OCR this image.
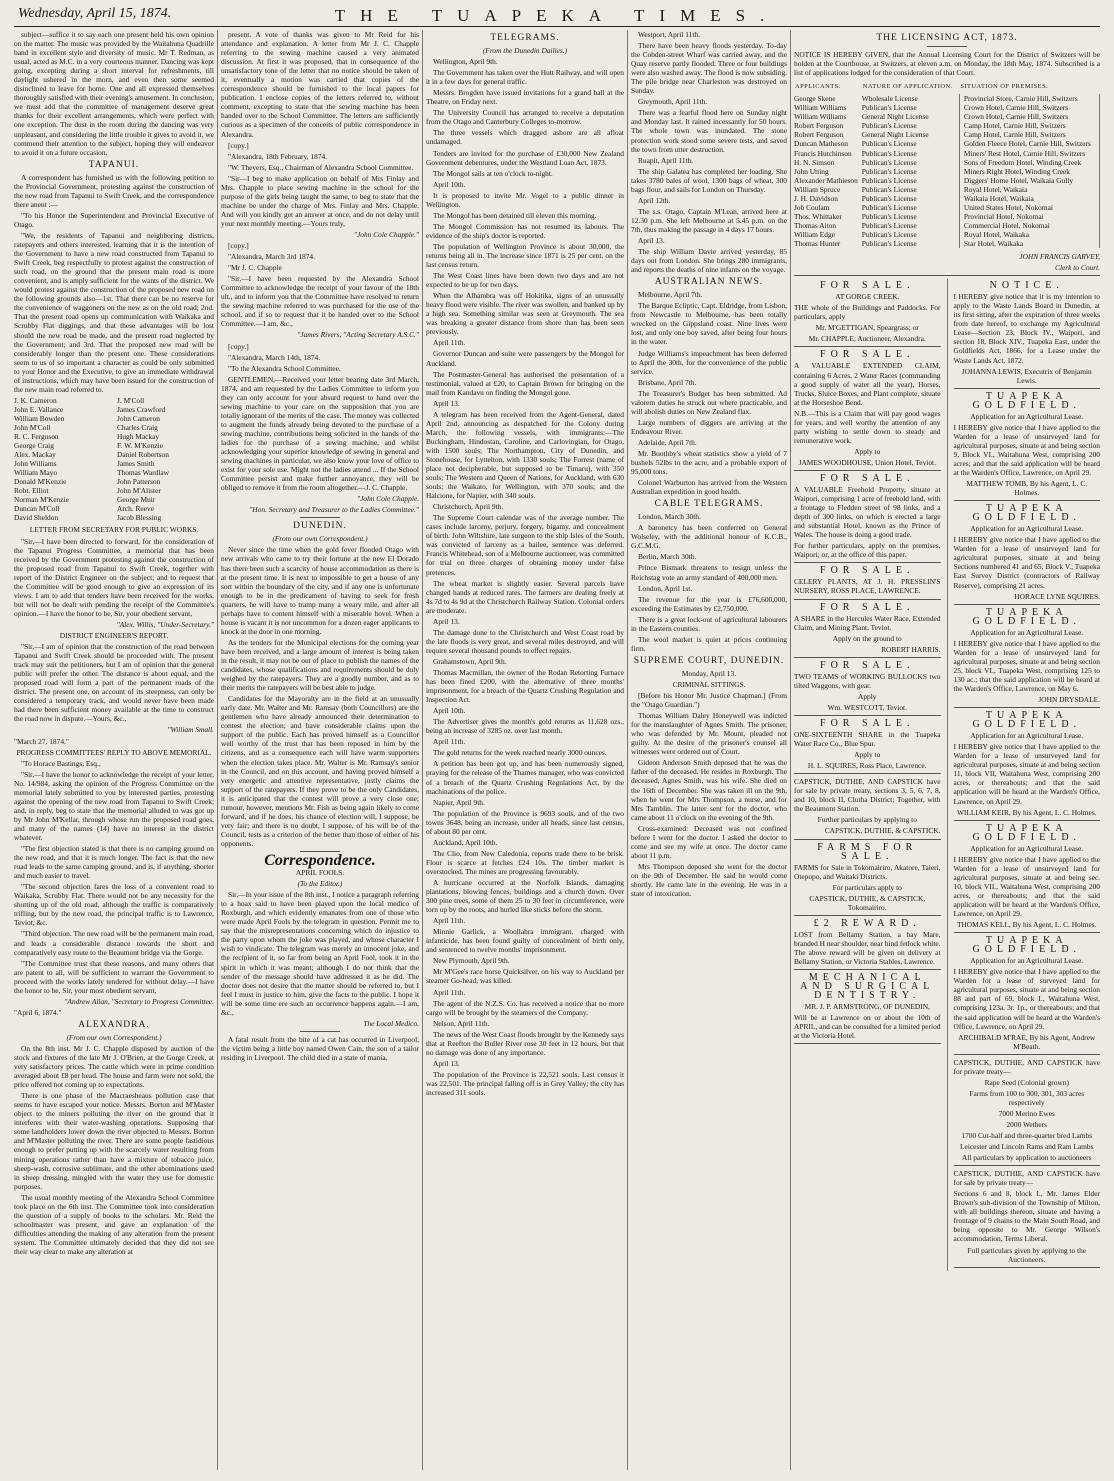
Wednesday, April 15, 1874.	THE TUAPEKA TIMES.

subject—suffice it to say each one present held his own opinion on the matter. The music was provided by the Waitahuna Quadrille band in excellent style and diversity of music. Mr T. Redman, as usual, acted as M.C. in a very courteous manner. Dancing was kept going, excepting during a short interval for refreshments, till daylight ushered in the morn, and even then some seemed disinclined to leave for home. One and all expressed themselves thoroughly satisfied with their evening's amusement. In conclusion, we must add that the committee of management deserve great thanks for their excellent arrangements, which were perfect with one exception. The dust in the room during the dancing was very unpleasant, and considering the little trouble it gives to avoid it, we commend their attention to the subject, hoping they will endeavor to avoid it on a future occasion.

TAPANUI.

A correspondent has furnished us with the following petition to the Provincial Government, protesting against the construction of the new road from Tapanui to Swift Creek, and the correspondence there anent :—

"To his Honor the Superintendent and Provincial Executive of Otago.

"We, the residents of Tapanui and neighboring districts, ratepayers and others interested, learning that it is the intention of the Government to have a new road constructed from Tapanui to Swift Creek, beg respectfully to protest against the construction of such road, on the ground that the present main road is more convenient, and is amply sufficient for the wants of the district. We would protest against the construction of the proposed new road on the following grounds also—1st. That there can be no reserve for the convenience of waggoners on the new as on the old road; 2nd. That the present road opens up communication with Waikaka and Scrubby Flat diggings, and that these advantages will be lost should the new road be made, and the present road neglected by the Government; and 3rd. That the proposed new road will be considerably longer than the present one. These considerations seem to us of so important a character as could be only submitted to your Honor and the Executive, to give an immediate withdrawal of instructions, which may have been issued for the construction of the new main road referred to.

J. K. Cameron	J. M'Coll
John E. Vallance	James Crawford
William Bowden	John Cameron
John M'Coll	Charles Craig
R. C. Ferguson	Hugh Mackay
George Craig	F. W. M'Kenzie
Alex. Mackay	Daniel Robertson
John Williams	James Smith
William Mayo	Thomas Wardlaw
Donald M'Kenzie	John Patterson
Robt. Elliot	John M'Alister
Norman M'Kenzie	George Muir
Duncan M'Coll	Arch. Reeve
David Sheldon	Jacob Blessing

LETTER FROM SECRETARY FOR PUBLIC WORKS.

"Sir,—I have been directed to forward, for the consideration of the Tapanui Progress Committee, a memorial that has been received by the Government protesting against the construction of the proposed road from Tapanui to Swift Creek, together with report of the District Engineer on the subject; and to request that the Committee will be good enough to give an expression of its views. I am to add that tenders have been received for the works, but will not be dealt with pending the receipt of the Committee's opinion.—I have the honor to be, Sir, your obedient servant,

"Alex. Willis, "Under-Secretary."

DISTRICT ENGINEER'S REPORT.

"Sir,—I am of opinion that the construction of the road between Tapanui and Swift Creek should be proceeded with. The present track may suit the petitioners, but I am of opinion that the general public will prefer the other. The distance is about equal, and the proposed road will form a part of the permanent roads of the district. The present one, on account of its steepness, can only be considered a temporary track, and would never have been made had there been sufficient money available at the time to construct the road now in dispute.—Yours, &c.,

"William Small.

"March 27, 1874."

PROGRESS COMMITTEES' REPLY TO ABOVE MEMORIAL.

"To Horace Bastings, Esq.,

"Sir,—I have the honor to acknowledge the receipt of your letter, No. 14/984, asking the opinion of the Progress Committee on the memorial lately submitted to you by interested parties, protesting against the opening of the new road from Tapanui to Swift Creek; and, in reply, beg to state that the memorial alluded to was got up by Mr John M'Kellar, through whose run the proposed road goes, and many of the names (14) have no interest in the district whatever.

"The first objection stated is that there is no camping ground on the new road, and that it is much longer. The fact is that the new road leads to the same camping ground, and is, if anything, shorter and much easier to travel.

"The second objection fares the loss of a convenient road to Waikaka, Scrubby Flat. There would not be any necessity for the shutting up of the old road, although the traffic is comparatively trifling, but by the new road, the principal traffic is to Lawrence, Teviot, &c.

"Third objection. The new road will be the permanent main road, and leads a considerable distance towards the short and comparatively easy route to the Beaumont bridge via the Gorge.

"The Committee trust that these reasons, and many others that are patent to all, will be sufficient to warrant the Government to proceed with the works lately tendered for without delay.—I have the honor to be, Sir, your most obedient servant,

"Andrew Allan, "Secretary to Progress Committee.

"April 6, 1874."

ALEXANDRA.

(From our own Correspondent.)

On the 8th inst. Mr J. C. Chapple disposed by auction of the stock and fixtures of the late Mr J. O'Brien, at the Gorge Creek, at very satisfactory prices. The cattle which were in prime condition averaged about £8 per head. The house and farm were not sold, the price offered not coming up to expectations.

There is one phase of the Macraesheaus pollution case that seems to have escaped your notice. Messrs. Borton and M'Master object to the miners polluting the river on the ground that it interferes with their water-washing operations. Supposing that some landholders lower down the river objected to Messrs. Borton and M'Master polluting the river. There are some people fastidious enough to prefer putting up with the scarcely water resulting from mining operations rather than have a mixture of tobacco juice, sheep-wash, corrosive sublimate, and the other abominations used in sheep dressing, mingled with the water they use for domestic purposes.

The usual monthly meeting of the Alexandra School Committee took place on the 6th inst. The Committee took into consideration the question of a supply of books to the scholars. Mr. Reid the schoolmaster was present, and gave an explanation of the difficulties attending the making of any alteration from the present system. The Committee ultimately decided that they did not see their way clear to make any alteration at

present. A vote of thanks was given to Mr Reid for his attendance and explanation. A letter from Mr J. C. Chapple referring to the sewing machine caused a very animated discussion. At first it was proposed, that in consequence of the unsatisfactory tone of the letter that no notice should be taken of it, eventually a motion was carried that copies of the correspondence should be furnished to the local papers for publication. I enclose copies of the letters referred to, without comment, excepting to state that the sewing machine has been handed over to the School Committee. The letters are sufficiently curious as a specimen of the conceits of public correspondence in Alexandra.

[copy.]

"Alexandra, 18th February, 1874.

"W. Theyers, Esq., Chairman of Alexandra School Committee.

"Sir—I beg to make application on behalf of Mrs Finlay and Mrs. Chapple to place sewing machine in the school for the purpose of the girls being taught the same, to beg to state that the machine be under the charge of Mrs. Finlay and Mrs. Chapple. And will you kindly get an answer at once, and do not delay until your next monthly meeting.—Yours truly,

"John Cole Chapple."

[copy.]

"Alexandra, March 3rd 1874.

"Mr J. C. Chapple

"Sir,—I have been requested by the Alexandra School Committee to acknowledge the receipt of your favour of the 18th ult., and to inform you that the Committee have resolved to return the sewing machine referred to was purchased for the use of the school, and if so to request that it be handed over to the School Committee.—I am, &c.,

"James Rivers, "Acting Secretary A.S.C."

[copy.]

"Alexandra, March 14th, 1874.

"To the Alexandra School Committee.

GENTLEMEN,—Received your letter bearing date 3rd March, 1874, and am requested by the Ladies Committee to inform you they can only account for your absurd request to hand over the sewing machine to your care on the supposition that you are totally ignorant of the merits of the case. The money was collected to augment the funds already being devoted to the purchase of a sewing machine, contributions being solicited in the hands of the ladies for the purchase of a sewing machine, and whilst acknowledging your superior knowledge of sewing in general and sewing machines in particular, we also know your love of office to exist for your sole use. Might not the ladies attend ... If the School Committee persist and make further annoyance, they will be obliged to remove it from the room altogether.—J. C. Chapple.

"John Cole Chapple.

"Hon. Secretary and Treasurer to the Ladies Committee."

DUNEDIN.

(From our own Correspondent.)

Never since the time when the gold fever flooded Otago with new arrivals who came to try their fortune at the new El Dorado has there been such a scarcity of house accommodation as there is at the present time. It is next to impossible to get a house of any sort within the boundary of the city, and if any one is unfortunate enough to be in the predicament of having to seek for fresh quarters, he will have to tramp many a weary mile, and after all perhaps have to content himself with a miserable hovel. When a house is vacant it is not uncommon for a dozen eager applicants to knock at the door in one morning.

As the tenders for the Municipal elections for the coming year have been received, and a large amount of interest is being taken in the result, it may not be out of place to publish the names of the candidates, whose qualifications and requirements should be duly weighed by the ratepayers. They are a goodly number, and as to their merits the ratepayers will be best able to judge.

Candidates for the Mayoralty are in the field at an unusually early date. Mr. Walter and Mr. Ramsay (both Councillors) are the gentlemen who have already announced their determination to contest the election; and have considerable claims upon the support of the public. Each has proved himself as a Councillor well worthy of the trust that has been reposed in him by the citizens, and as a consequence each will have warm supporters when the election takes place. Mr. Walter is Mr. Ramsay's senior in the Council, and on this account, and having proved himself a very energetic and attentive representative, justly claims the support of the ratepayers. If they prove to be the only Candidates, it is anticipated that the contest will prove a very close one; rumour, however, mentions Mr. Fish as being again likely to come forward, and if he does, his chance of election will, I suppose, be very fair; and there is no doubt, I suppose, of his will be of the Council, tests as a criterion of the better than those of either of his opponents.

Correspondence.

APRIL FOOLS.

(To the Editor.)

Sir,—In your issue of the 8th inst., I notice a paragraph referring to a hoax said to have been played upon the local medico of Roxburgh, and which evidently emanates from one of those who were made April Fools by the telegram in question. Permit me to say that the misrepresentations concerning which do injustice to the party upon whom the joke was played, and whose character I wish to vindicate. The telegram was merely an innocent joke, and the recipient of it, so far from being an April Fool, took it in the spirit in which it was meant; although I do not think that the sender of the message should have addressed it as he did. The doctor does not desire that the matter should be referred to, but I feel I must in justice to him, give the facts to the public. I hope it will be some time ere such an occurrence happens again.—I am, &c.,

The Local Medico.

A fatal result from the bite of a cat has occurred in Liverpool, the victim being a little boy named Owen Cain, the son of a tailor residing in Liverpool. The child died in a state of mania.

TELEGRAMS.

(From the Dunedin Dailies.)

Wellington, April 9th.

The Government has taken over the Hutt Railway, and will open it in a few days for general traffic.

Messrs. Brogden have issued invitations for a grand ball at the Theatre, on Friday next.

The University Council has arranged to receive a deputation from the Otago and Canterbury Colleges to-morrow.

The three vessels which dragged ashore are all afloat undamaged.

Tenders are invited for the purchase of £30,000 New Zealand Government debentures, under the Westland Loan Act, 1873.

The Mongol sails at ten o'clock to-night.

April 10th.

It is proposed to invite Mr. Vogel to a public dinner in Wellington.

The Mongol has been detained till eleven this morning.

The Mongol Commission has not resumed its labours. The evidence of the ship's doctor is reported.

The population of Wellington Province is about 30,000, the returns being all in. The increase since 1871 is 25 per cent. on the last census return.

The West Coast lines have been down two days and are not expected to be up for two days.

When the Alhambra was off Hokitika, signs of an unusually heavy flood were visible. The river was swollen, and banked up by a high sea. Something similar was seen at Greymouth. The sea was breaking a greater distance from shore than has been seen previously.

April 11th.

Governor Duncan and suite were passengers by the Mongol for Auckland.

The Postmaster-General has authorised the presentation of a testimonial, valued at £20, to Captain Brown for bringing on the mail from Kandavu on finding the Mongol gone.

April 13.

A telegram has been received from the Agent-General, dated April 2nd, announcing as despatched for the Colony during March, the following vessels, with immigrants:—The Buckingham, Hindostan, Caroline, and Carlovingian, for Otago, with 1500 souls; The Northampton, City of Dunedin, and Stonehouse, for Lyttelton, with 1330 souls; The Forrest (name of place not decipherable, but supposed to be Timaru), with 350 souls; The Western and Queen of Nations, for Auckland, with 630 souls; the Waikato, for Wellington, with 370 souls; and the Halcione, for Napier, with 340 souls.

Christchurch, April 9th.

The Supreme Court calendar was of the average number. The cases include larceny, perjury, forgery, bigamy, and concealment of birth. John Wiltshire, late surgeon to the ship Isles of the South, was convicted of larceny as a bailee, sentence was deferred. Francis Whitehead, son of a Melbourne auctioneer, was committed for trial on three charges of obtaining money under false pretences.

The wheat market is slightly easier. Several parcels have changed hands at reduced rates. The farmers are dealing freely at 4s 7d to 4s 9d at the Christchurch Railway Station. Colonial orders are moderate.

April 13.

The damage done to the Christchurch and West Coast road by the late floods is very great, and several miles destroyed, and will require several thousand pounds to effect repairs.

Grahamstown, April 9th.

Thomas Macmillan, the owner of the Rodan Retorting Furnace has been fined £200, with the alternative of three months' imprisonment, for a breach of the Quartz Crushing Regulation and Inspection Act.

April 10th.

The Advertiser gives the month's gold returns as 11,628 ozs., being an increase of 3285 oz. over last month.

April 11th.

The gold returns for the week reached nearly 3000 ounces.

A petition has been got up, and has been numerously signed, praying for the release of the Thames manager, who was convicted of a breach of the Quartz Crushing Regulations Act, by the machinations of the police.

Napier, April 9th.

The population of the Province is 9693 souls, and of the two towns 3648, being an increase, under all heads, since last census, of about 80 per cent.

Auckland, April 10th.

The Clio, from New Caledonia, reports trade there to be brisk. Flour is scarce at fetches £24 10s. The timber market is overstocked. The mines are progressing favourably.

A hurricane occurred at the Norfolk Islands, damaging plantations, blowing fences, buildings and a church down. Over 300 pine trees, some of them 25 to 30 feet in circumference, were torn up by the roots, and hurled like sticks before the storm.

April 11th.

Minnie Garlick, a Woollahra immigrant, charged with infanticide, has been found guilty of concealment of birth only, and sentenced to twelve months' imprisonment.

New Plymouth, April 9th.

Mr M'Gee's race horse Quicksilver, on his way to Auckland per steamer Go-head, was killed.

April 11th.

The agent of the N.Z.S. Co. has received a notice that no more cargo will be brought by the steamers of the Company.

Nelson, April 11th.

The news of the West Coast floods brought by the Kennedy says that at Reefton the Buller River rose 30 feet in 12 hours, but that no damage was done of any importance.

April 13.

The population of the Province is 22,521 souls. Last census it was 22,501. The principal falling off is in Grey Valley; the city has increased 311 souls.

Westport, April 11th.

There have been heavy floods yesterday. To-day the Cobden-street Wharf was carried away, and the Quay reserve partly flooded. Three or four buildings were also washed away. The flood is now subsiding. The pile bridge near Charleston was destroyed on Sunday.

Greymouth, April 11th.

There was a fearful flood here on Sunday night and Monday last. It rained incessantly for 50 hours. The whole town was inundated. The stone protection work stood some severe tests, and saved the town from utter destruction.

Ruapit, April 11th.

The ship Galatea has completed her loading. She takes 3780 bales of wool, 1300 bags of wheat, 300 bags flour, and sails for London on Thursday.

April 12th.

The s.s. Otago, Captain M'Lean, arrived here at 12.30 p.m. She left Melbourne at 5.45 p.m. on the 7th, thus making the passage in 4 days 17 hours.

April 13.

The ship William Davie arrived yesterday, 85 days out from London. She brings 280 immigrants, and reports the deaths of nine infants on the voyage.

AUSTRALIAN NEWS.

Melbourne, April 7th.

The Barque Ecliptic, Capt. Eldridge, from Lisbon, from Newcastle to Melbourne, has been totally wrecked on the Gippsland coast. Nine lives were lost, and only one boy saved, after being four hours in the water.

Judge Williams's impeachment has been deferred to April the 30th, for the convenience of the public service.

Brisbane, April 7th.

The Treasurer's Budget has been submitted. Ad valorem duties he struck out where practicable, and will abolish duties on New Zealand flax.

Large numbers of diggers are arriving at the Endeavour River.

Adelaide, April 7th.

Mr. Boothby's wheat statistics show a yield of 7 bushels 52lbs to the acre, and a probable export of 95,000 tons.

Colonel Warburton has arrived from the Western Australian expedition in good health.

CABLE TELEGRAMS.

London, March 30th.

A baronetcy has been conferred on General Wolseley, with the additional honour of K.C.B., G.C.M.G.

Berlin, March 30th.

Prince Bismark threatens to resign unless the Reichstag vote an army standard of 400,000 men.

London, April 1st.

The revenue for the year is £76,600,000, exceeding the Estimates by £2,750,000.

There is a great lock-out of agricultural labourers in the Eastern counties.

The wool market is quiet at prices continuing firm.

SUPREME COURT, DUNEDIN.

Monday, April 13.

CRIMINAL SITTINGS.

[Before his Honor Mr. Justice Chapman.] (From the "Otago Guardian.")

Thomas William Daley Honeywell was indicted for the manslaughter of Agnes Smith. The prisoner, who was defended by Mr. Mount, pleaded not guilty. At the desire of the prisoner's counsel all witnesses were ordered out of Court.

Gideon Anderson Smith deposed that he was the father of the deceased. He resides in Roxburgh. The deceased, Agnes Smith, was his wife. She died on the 16th of December. She was taken ill on the 9th, when he went for Mrs Thompson, a nurse, and for Mrs Tamblin. The latter sent for the doctor, who came about 11 o'clock on the evening of the 9th.

Cross-examined: Deceased was not confined before I went for the doctor. I asked the doctor to come and see my wife at once. The doctor came about 11 p.m.

Mrs Thompson deposed she went for the doctor on the 9th of December. He said he would come shortly. He came late in the evening. He was in a state of intoxication.

THE LICENSING ACT, 1873.

NOTICE IS HEREBY GIVEN, that the Annual Licensing Court for the District of Switzers will be holden at the Courthouse, at Switzers, at eleven a.m. on Monday, the 18th May, 1874. Subscribed is a list of applications lodged for the consideration of that Court.

APPLICANTS.	NATURE OF APPLICATION.	SITUATION OF PREMISES.
George Skene	Wholesale License	Provincial Store, Carnie Hill, Switzers
William Williams	Publican's License	Crown Hotel, Carnie Hill, Switzers
William Williams	General Night License	Crown Hotel, Carnie Hill, Switzers
Robert Ferguson	Publican's License	Camp Hotel, Carnie Hill, Switzers
Robert Ferguson	General Night License	Camp Hotel, Carnie Hill, Switzers
Duncan Matheson	Publican's License	Golden Fleece Hotel, Carnie Hill, Switzers
Francis Hutchinson	Publican's License	Miners' Rest Hotel, Carnie Hill, Switzers
H. N. Simson	Publican's License	Sons of Freedom Hotel, Winding Creek
John Utting	Publican's License	Miners Right Hotel, Winding Creek
Alexander Mathieson	Publican's License	Diggers' Home Hotel, Waikaia Gully
William Spruce	Publican's License	Royal Hotel, Waikaia
J. H. Davidson	Publican's License	Waikaia Hotel, Waikaia
Job Coulam	Publican's License	United States Hotel, Nokomai
Thos. Whittaker	Publican's License	Provincial Hotel, Nokomai
Thomas Aiton	Publican's License	Commercial Hotel, Nokomai
William Edge	Publican's License	Royal Hotel, Waikaka
Thomas Hunter	Publican's License	Star Hotel, Waikaka

JOHN FRANCIS GARVEY,

Clerk to Court.

FOR SALE.

AT GORGE CREEK.

THE whole of the Buildings and Paddocks. For particulars, apply

Mr. M'GETTIGAN, Speargrass; or

Mr. CHAPPLE, Auctioneer, Alexandra.

FOR SALE.

A VALUABLE EXTENDED CLAIM, containing 6 Acres, 2 Water Races (commanding a good supply of water all the year), Horses, Trucks, Sluice Boxes, and Plant complete, situate at the Horseshoe Bend.

N.B.—This is a Claim that will pay good wages for years, and well worthy the attention of any party wishing to settle down to steady and remunerative work.

Apply to

JAMES WOODHOUSE, Union Hotel, Teviot.

FOR SALE.

A VALUABLE Freehold Property, situate at Waipori, comprising 1 acre of freehold land, with a frontage to Fledden street of 98 links, and a depth of 300 links, on which is erected a large and substantial Hotel, known as the Prince of Wales. The house is doing a good trade.

For further particulars, apply on the premises, Waipori; or, at the office of this paper.

FOR SALE.

CELERY PLANTS, AT J. H. PRESSLIN'S NURSERY, ROSS PLACE, LAWRENCE.

FOR SALE.

A SHARE in the Hercules Water Race, Extended Claim, and Mining Plant, Teviot.

Apply on the ground to

ROBERT HARRIS.

FOR SALE.

TWO TEAMS of WORKING BULLOCKS two tilted Waggons, with gear.

Apply

Wm. WESTCOTT, Teviot.

FOR SALE.

ONE-SIXTEENTH SHARE in the Tuapeka Water Race Co., Blue Spur.

Apply to

H. L. SQUIRES, Ross Place, Lawrence.

CAPSTICK, DUTHIE, AND CAPSTICK have for sale by private treaty, sections 3, 5, 6, 7, 8, and 10, block II, Clutha District; Together, with the Beaumont Station.

Further particulars by applying to

CAPSTICK, DUTHIE, & CAPSTICK.

FARMS FOR SALE.

FARMS for Sale in Tokomairiro, Akatore, Taieri, Otepopo, and Waitaki Districts.

For particulars apply to

CAPSTICK, DUTHIE, & CAPSTICK, Tokomairiro.

£2 REWARD.

LOST from Bellamy Station, a bay Mare, branded H near shoulder, near hind fetlock white. The above reward will be given on delivery at Bellamy Station, or Victoria Stables, Lawrence.

MECHANICAL AND SURGICAL DENTISTRY.

MR. J. P. ARMSTRONG, OF DUNEDIN,

Will be at Lawrence on or about the 10th of APRIL, and can be consulted for a limited period at the Victoria Hotel.

NOTICE.

I HEREBY give notice that it is my intention to apply to the Waste Lands Board in Dunedin, at its first sitting, after the expiration of three weeks from date hereof, to exchange my Agricultural Lease—Section 23, Block IV., Waipori, and section 18, Block XIV., Tuapeka East, under the Goldfields Act, 1866, for a Lease under the Waste Lands Act, 1872.

JOHANNA LEWIS, Executrix of Benjamin Lewis.

TUAPEKA GOLDFIELD.

Application for an Agricultural Lease.

I HEREBY give notice that I have applied to the Warden for a lease of unsurveyed land for agricultural purposes, situate at and being section 9, Block VI., Waitahuna West, comprising 200 acres; and that the said application will be heard at the Warden's Office, Lawrence, on April 29.

MATTHEW TOMB, By his Agent, L. C. Holmes.

TUAPEKA GOLDFIELD.

Application for an Agricultural Lease.

I HEREBY give notice that I have applied to the Warden for a lease of unsurveyed land for agricultural purposes, situate at and being Sections numbered 41 and 65, Block V., Tuapeka East Survey District (contractors of Railway Reserve), comprising 21 acres.

HORACE LYNE SQUIRES.

TUAPEKA GOLDFIELD.

Application for an Agricultural Lease.

I HEREBY give notice that I have applied to the Warden for a lease of unsurveyed land for agricultural purposes, situate at and being section 25, block VI., Tuapeka West, comprising 125 to 130 ac.; that the said application will be heard at the Warden's Office, Lawrence, on May 6.

JOHN DRYSDALE.

TUAPEKA GOLDFIELD.

Application for an Agricultural Lease.

I HEREBY give notice that I have applied to the Warden for a lease of unsurveyed land for agricultural purposes, situate at and being section 11, block VII, Waitahuna West, comprising 200 acres, or thereabouts; and that the said application will be heard at the Warden's Office, Lawrence, on April 29.

WILLIAM KEIR, By his Agent, L. C. Holmes.

TUAPEKA GOLDFIELD.

Application for an Agricultural Lease.

I HEREBY give notice that I have applied to the Warden for a lease of unsurveyed land for agricultural purposes, situate at and being sec. 10, block VII., Waitahuna West, comprising 200 acres, or thereabouts; and that the said application will be heard at the Warden's Office, Lawrence, on April 29.

THOMAS KELL, By his Agent, L. C. Holmes.

TUAPEKA GOLDFIELD.

Application for an Agricultural Lease.

I HEREBY give notice that I have applied to the Warden for a lease of surveyed land for agricultural purposes, situate at and being section 88 and part of 69, block I., Waitahuna West, comprising 123a. 3r. 1p., or thereabouts; and that the said application will be heard at the Warden's Office, Lawrence, on April 29.

ARCHIBALD M'RAE, By his Agent, Andrew M'Beath.

CAPSTICK, DUTHIE, AND CAPSTICK have for private treaty—

Rape Seed (Colonial grown)

Farms from 100 to 300, 301, 303 acres respectively

7000 Merino Ewes

2000 Wethers

1700 Cut-half and three-quarter bred Lambs

Leicester and Lincoln Rams and Ram Lambs

All particulars by application to auctioneers

CAPSTICK, DUTHIE, AND CAPSTICK have for sale by private treaty—

Sections 6 and 8, block I., Mr. James Elder Brown's sub-division of the Township of Milton, with all buildings thereon, situate and having a frontage of 9 chains to the Main South Road, and being opposite to Mr. George Wilson's accommodation, Terms Liberal.

Full particulars given by applying to the Auctioneers.
